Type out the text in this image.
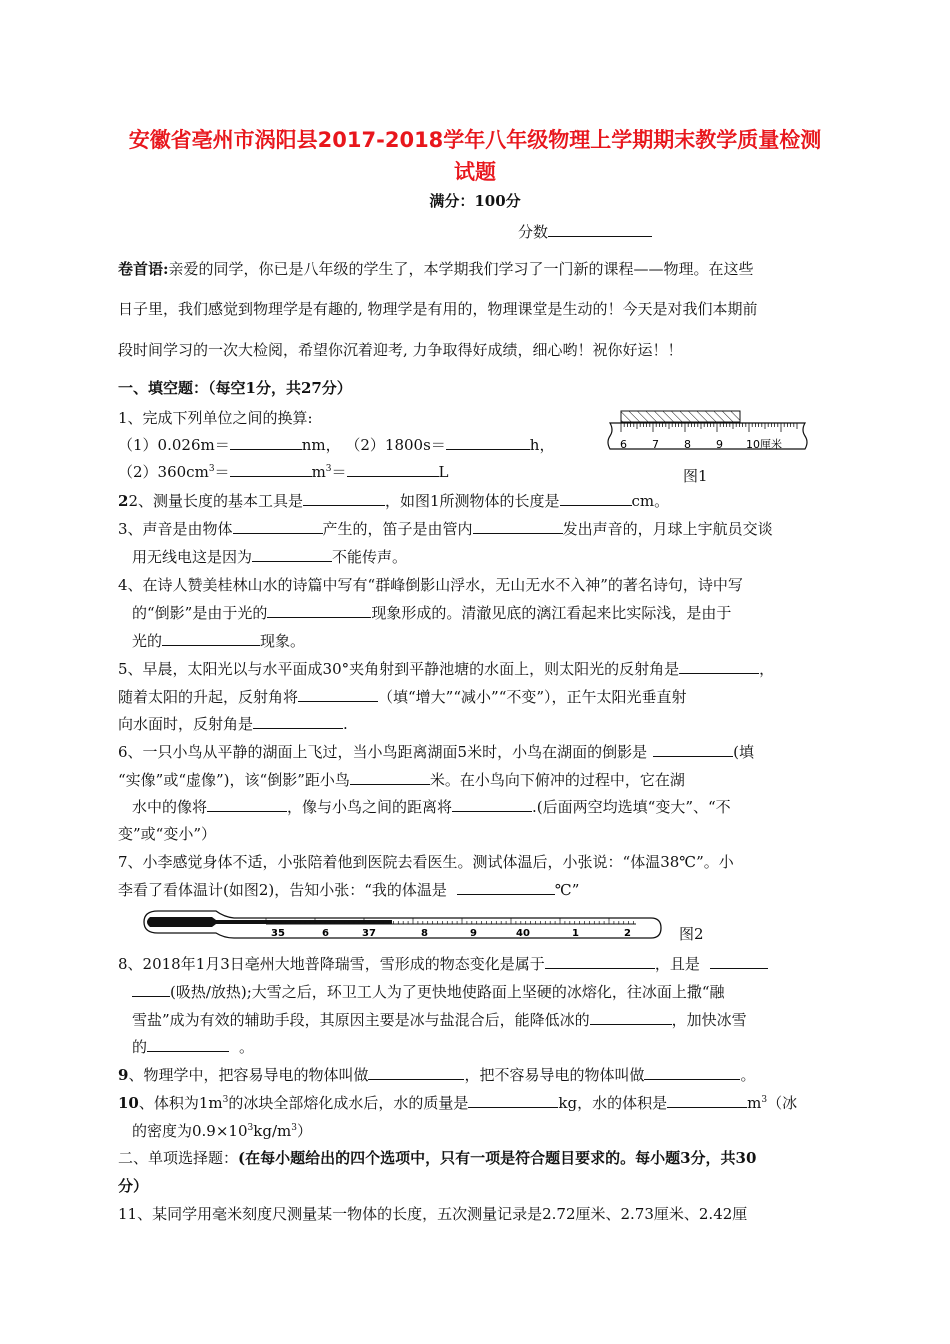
安徽省亳州市涡阳县2017-2018学年八年级物理上学期期末教学质量检测
试题
满分：100分
分数
卷首语:亲爱的同学，你已是八年级的学生了，本学期我们学习了一门新的课程——物理。在这些
日子里，我们感觉到物理学是有趣的, 物理学是有用的，物理课堂是生动的！今天是对我们本期前
段时间学习的一次大检阅，希望你沉着迎考, 力争取得好成绩，细心哟！祝你好运！！
一、填空题：（每空1分，共27分）
1、完成下列单位之间的换算:
（1）0.026m＝	nm， （2）1800s＝	h，
$(2)360cm^3=$	$m^3=$	L
6 7 8 9 10厘米
图1
22、测量长度的基本工具是	，如图1所测物体的长度是	cm。
3、声音是由物体	产生的，笛子是由管内	发出声音的，月球上宇航员交谈
用无线电这是因为	不能传声。
4、在诗人赞美桂林山水的诗篇中写有“群峰倒影山浮水，无山无水不入神”的著名诗句，诗中写
的“倒影”是由于光的	现象形成的。清澈见底的漓江看起来比实际浅，是由于
光的	现象。
5、早晨，太阳光以与水平面成30°夹角射到平静池塘的水面上，则太阳光的反射角是	，
随着太阳的升起，反射角将	（填“增大”“减小”“不变”），正午太阳光垂直射
向水面时，反射角是	.
6、一只小鸟从平静的湖面上飞过，当小鸟距离湖面5米时，小鸟在湖面的倒影是	(填
“实像”或“虚像”)，该“倒影”距小鸟	米。在小鸟向下俯冲的过程中，它在湖
水中的像将	，像与小鸟之间的距离将	.(后面两空均选填“变大”、“不
变”或“变小”）
7、小李感觉身体不适，小张陪着他到医院去看医生。测试体温后，小张说：“体温38℃”。小
李看了看体温计(如图2)，告知小张：“我的体温是	℃”
35	6	37	8	9	40	1	2	图2
8、2018年1月3日亳州大地普降瑞雪，雪形成的物态变化是属于	，且是
(吸热/放热);大雪之后，环卫工人为了更快地使路面上坚硬的冰熔化，往冰面上撒“融
雪盐”成为有效的辅助手段，其原因主要是冰与盐混合后，能降低冰的	，加快冰雪
的	。
9、物理学中，把容易导电的物体叫做	，把不容易导电的物体叫做	。
10、体积为$1m^3$的冰块全部熔化成水后，水的质量是	kg，水的体积是	$m^3$（冰
的密度为$0.9\times 10^3kg/m^3$）
二、单项选择题：(在每小题给出的四个选项中，只有一项是符合题目要求的。每小题3分，共30
分）
11、某同学用毫米刻度尺测量某一物体的长度，五次测量记录是2.72厘米、2.73厘米、2.42厘
